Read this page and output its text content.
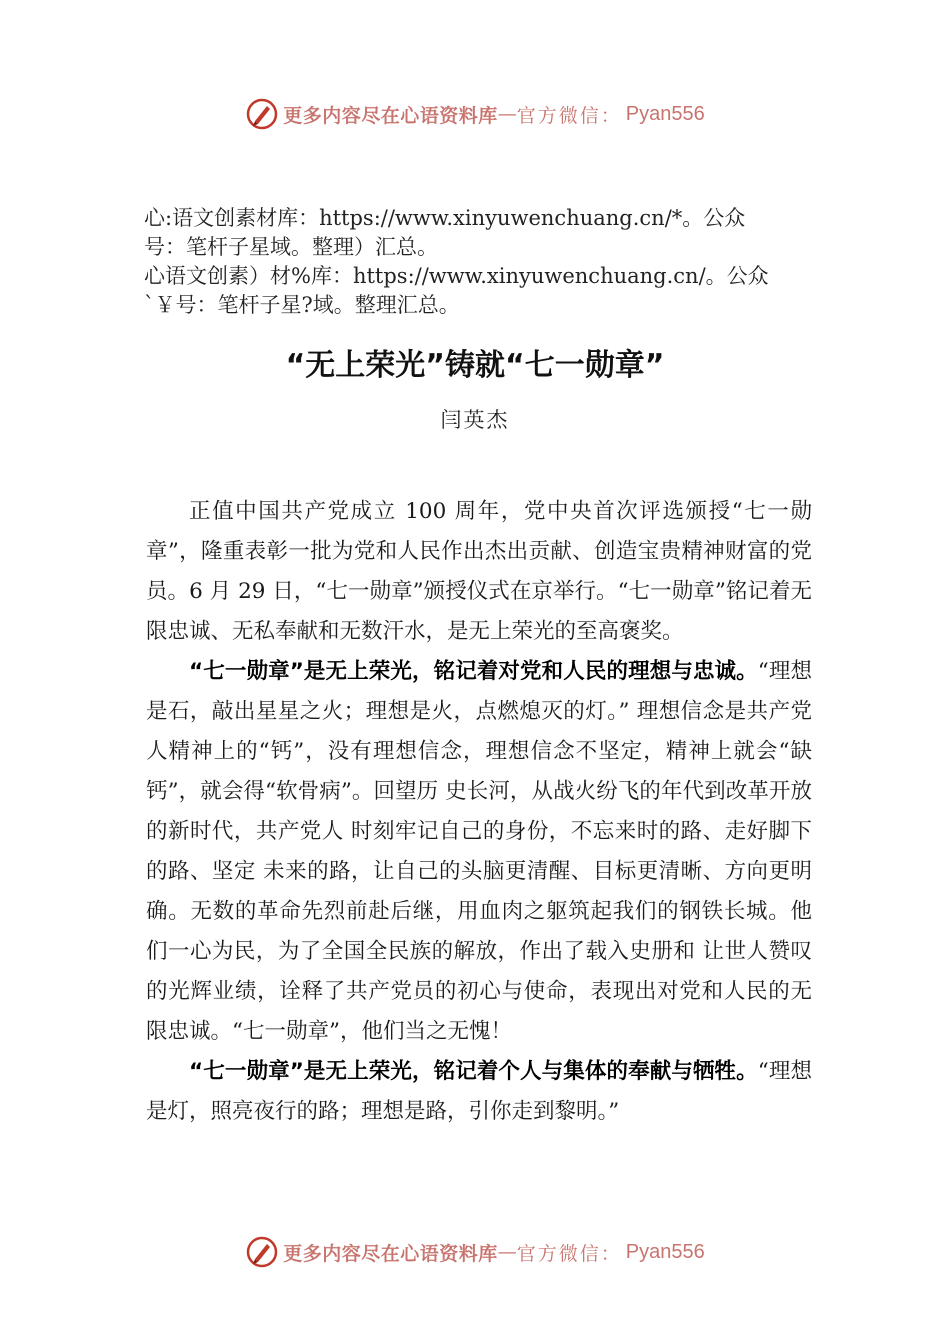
更多内容尽在心语资料库 — 官方微信： Pyan556
心:语文创素材库：https://www.xinyuwenchuang.cn/*。公众
号：笔杆子星域。整理）汇总。
心语文创素）材%库：https://www.xinyuwenchuang.cn/。公众
`￥号：笔杆子星?域。整理汇总。
“无上荣光”铸就“七一勋章”
闫英杰

正值中国共产党成立 100 周年，党中央首次评选颁授“七一勋章”，隆重表彰一批为党和人民作出杰出贡献、创造宝贵精神财富的党员。6 月 29 日，“七一勋章”颁授仪式在京举行。“七一勋章”铭记着无限忠诚、无私奉献和无数汗水，是无上荣光的至高褒奖。

“七一勋章”是无上荣光，铭记着对党和人民的理想与忠诚。“理想是石，敲出星星之火；理想是火，点燃熄灭的灯。” 理想信念是共产党人精神上的“钙”，没有理想信念，理想信念不坚定，精神上就会“缺钙”，就会得“软骨病”。回望历 史长河，从战火纷飞的年代到改革开放的新时代，共产党人 时刻牢记自己的身份，不忘来时的路、走好脚下的路、坚定 未来的路，让自己的头脑更清醒、目标更清晰、方向更明确。无数的革命先烈前赴后继，用血肉之躯筑起我们的钢铁长城。他们一心为民，为了全国全民族的解放，作出了载入史册和 让世人赞叹的光辉业绩，诠释了共产党员的初心与使命，表现出对党和人民的无限忠诚。“七一勋章”，他们当之无愧！

“七一勋章”是无上荣光，铭记着个人与集体的奉献与牺牲。“理想是灯，照亮夜行的路；理想是路，引你走到黎明。”

更多内容尽在心语资料库 — 官方微信： Pyan556
